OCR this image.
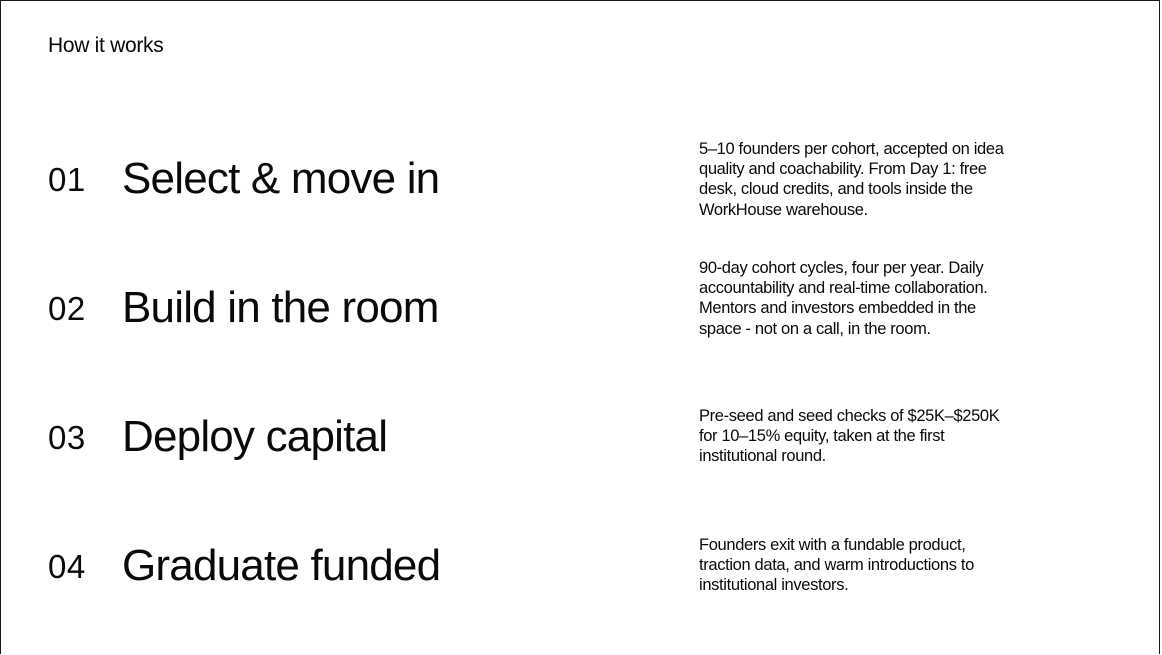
How it works
01 Select & move in

5–10 founders per cohort, accepted on idea quality and coachability. From Day 1: free desk, cloud credits, and tools inside the WorkHouse warehouse.

02 Build in the room

90-day cohort cycles, four per year. Daily accountability and real-time collaboration. Mentors and investors embedded in the space - not on a call, in the room.

03 Deploy capital	Pre-seed and seed checks of $25K–$250K for 10–15% equity, taken at the first institutional round.

04 Graduate funded	Founders exit with a fundable product, traction data, and warm introductions to institutional investors.
